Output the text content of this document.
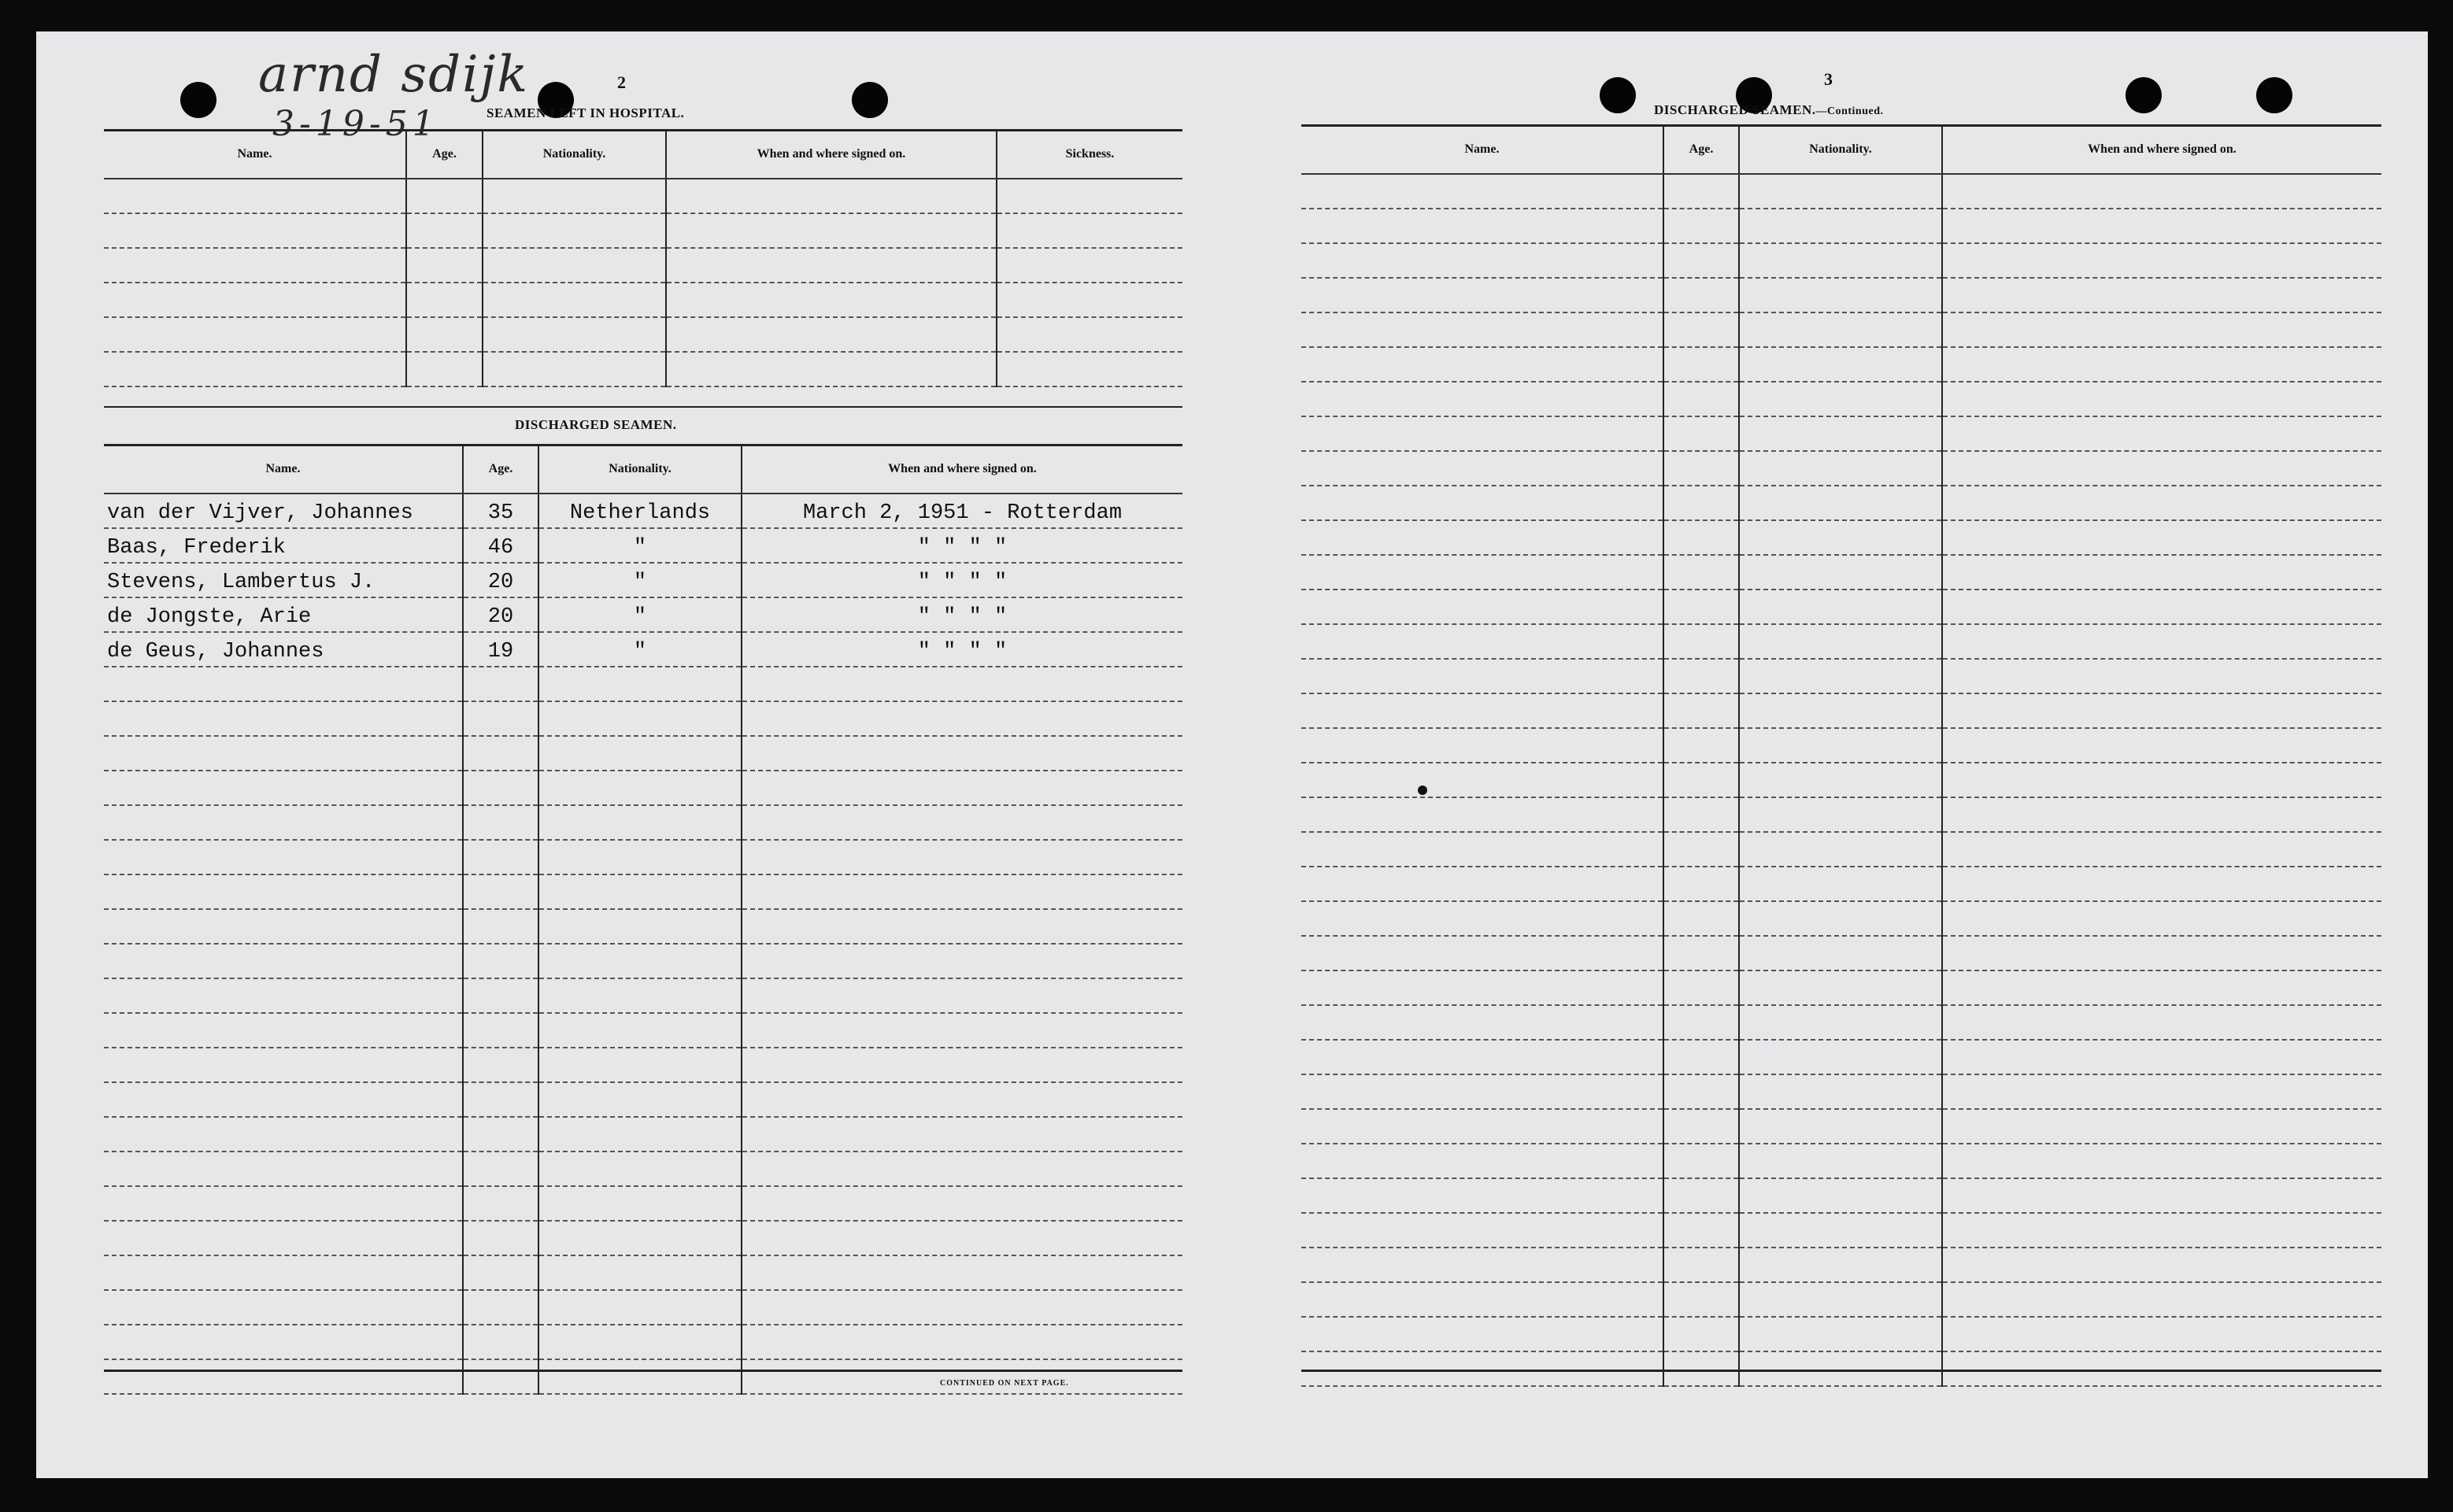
arnd sdijk
3-19-51
2
SEAMEN LEFT IN HOSPITAL.
Name.	Age.	Nationality.	When and where signed on.	Sickness.

DISCHARGED SEAMEN.
Name.	Age.	Nationality.	When and where signed on.
van der Vijver, Johannes	35	Netherlands	March 2, 1951 - Rotterdam
Baas, Frederik	46	"	" " " "
Stevens, Lambertus J.	20	"	" " " "
de Jongste, Arie	20	"	" " " "
de Geus, Johannes	19	"	" " " "

CONTINUED ON NEXT PAGE.
3
DISCHARGED SEAMEN.—Continued.
Name.	Age.	Nationality.	When and where signed on.
